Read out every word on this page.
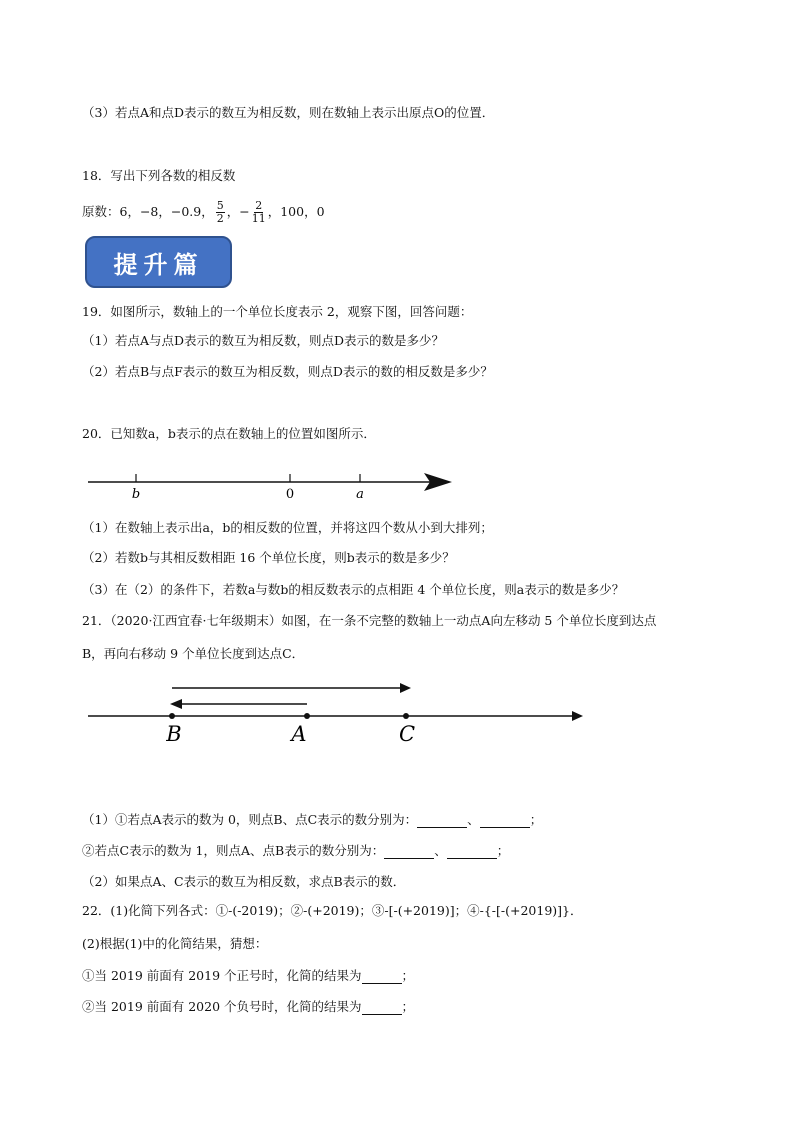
（3）若点A和点D表示的数互为相反数，则在数轴上表示出原点O的位置．
18．写出下列各数的相反数
原数：6，−8，−0.9， $\frac{5}{2}$ ，− $\frac{2}{11}$ ，100，0
提升篇
19．如图所示，数轴上的一个单位长度表示 2，观察下图，回答问题：
（1）若点A与点D表示的数互为相反数，则点D表示的数是多少？
（2）若点B与点F表示的数互为相反数，则点D表示的数的相反数是多少？
20．已知数a，b表示的点在数轴上的位置如图所示．
b	0	a
B	A	C
（1）在数轴上表示出a，b的相反数的位置，并将这四个数从小到大排列；
（2）若数b与其相反数相距 16 个单位长度，则b表示的数是多少？
（3）在（2）的条件下，若数a与数b的相反数表示的点相距 4 个单位长度，则a表示的数是多少？
21．（2020·江西宜春·七年级期末）如图，在一条不完整的数轴上一动点A向左移动 5 个单位长度到达点
B，再向右移动 9 个单位长度到达点C．
（1）①若点A表示的数为 0，则点B、点C表示的数分别为：	、	；
②若点C表示的数为 1，则点A、点B表示的数分别为：	、	；
（2）如果点A、C表示的数互为相反数，求点B表示的数．
22．(1)化简下列各式：①-(-2019)；②-(+2019)；③-[-(+2019)]；④-{-[-(+2019)]}．
(2)根据(1)中的化简结果，猜想：
①当 2019 前面有 2019 个正号时，化简的结果为	；
②当 2019 前面有 2020 个负号时，化简的结果为	；
